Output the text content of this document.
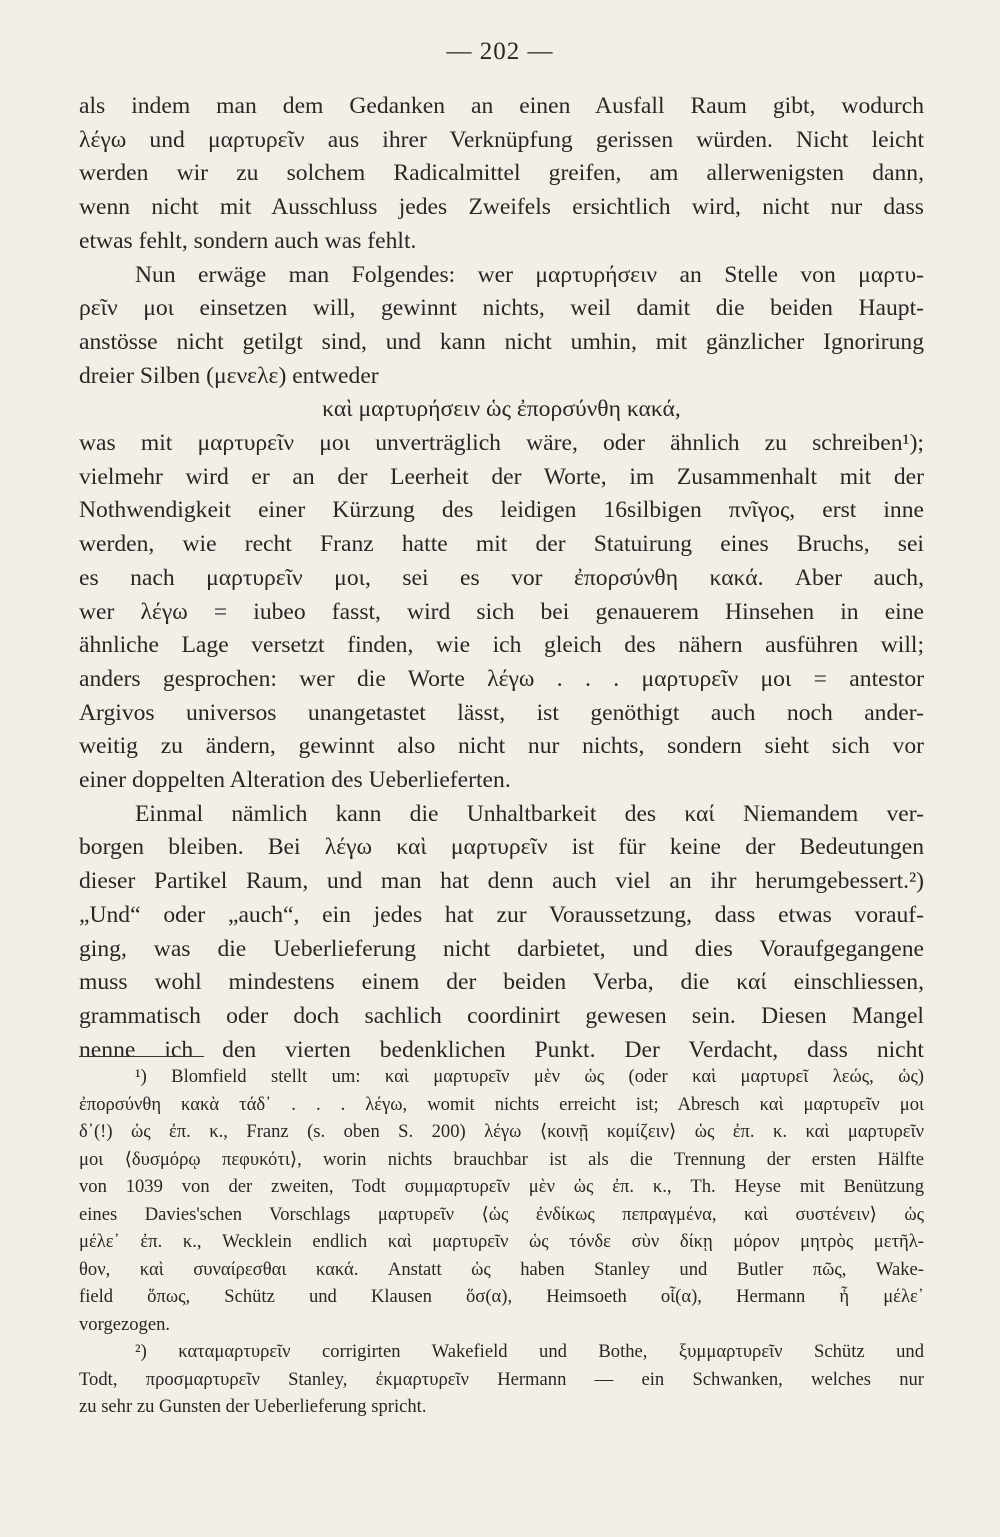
— 202 —
als indem man dem Gedanken an einen Ausfall Raum gibt, wodurch
λέγω und μαρτυρεῖν aus ihrer Verknüpfung gerissen würden. Nicht leicht
werden wir zu solchem Radicalmittel greifen, am allerwenigsten dann,
wenn nicht mit Ausschluss jedes Zweifels ersichtlich wird, nicht nur dass
etwas fehlt, sondern auch was fehlt.
Nun erwäge man Folgendes: wer μαρτυρήσειν an Stelle von μαρτυ-
ρεῖν μοι einsetzen will, gewinnt nichts, weil damit die beiden Haupt-
anstösse nicht getilgt sind, und kann nicht umhin, mit gänzlicher Ignorirung
dreier Silben (μενελε) entweder
καὶ μαρτυρήσειν ὡς ἐπορσύνθη κακά,
was mit μαρτυρεῖν μοι unverträglich wäre, oder ähnlich zu schreiben¹);
vielmehr wird er an der Leerheit der Worte, im Zusammenhalt mit der
Nothwendigkeit einer Kürzung des leidigen 16silbigen πνῖγος, erst inne
werden, wie recht Franz hatte mit der Statuirung eines Bruchs, sei
es nach μαρτυρεῖν μοι, sei es vor ἐπορσύνθη κακά. Aber auch,
wer λέγω = iubeo fasst, wird sich bei genauerem Hinsehen in eine
ähnliche Lage versetzt finden, wie ich gleich des nähern ausführen will;
anders gesprochen: wer die Worte λέγω . . . μαρτυρεῖν μοι = antestor
Argivos universos unangetastet lässt, ist genöthigt auch noch ander-
weitig zu ändern, gewinnt also nicht nur nichts, sondern sieht sich vor
einer doppelten Alteration des Ueberlieferten.
Einmal nämlich kann die Unhaltbarkeit des καί Niemandem ver-
borgen bleiben. Bei λέγω καὶ μαρτυρεῖν ist für keine der Bedeutungen
dieser Partikel Raum, und man hat denn auch viel an ihr herumgebessert.²)
„Und“ oder „auch“, ein jedes hat zur Voraussetzung, dass etwas vorauf-
ging, was die Ueberlieferung nicht darbietet, und dies Voraufgegangene
muss wohl mindestens einem der beiden Verba, die καί einschliessen,
grammatisch oder doch sachlich coordinirt gewesen sein. Diesen Mangel
nenne ich den vierten bedenklichen Punkt. Der Verdacht, dass nicht
¹) Blomfield stellt um: καὶ μαρτυρεῖν μὲν ὡς (oder καὶ μαρτυρεῖ λεώς, ὡς)
ἐπορσύνθη κακὰ τάδ᾽ . . . λέγω, womit nichts erreicht ist; Abresch καὶ μαρτυρεῖν μοι
δ᾽(!) ὡς ἐπ. κ., Franz (s. oben S. 200) λέγω ⟨κοινῇ κομίζειν⟩ ὡς ἐπ. κ. καὶ μαρτυρεῖν
μοι ⟨δυσμόρῳ πεφυκότι⟩, worin nichts brauchbar ist als die Trennung der ersten Hälfte
von 1039 von der zweiten, Todt συμμαρτυρεῖν μὲν ὡς ἐπ. κ., Th. Heyse mit Benützung
eines Davies'schen Vorschlags μαρτυρεῖν ⟨ὡς ἐνδίκως πεπραγμένα, καὶ συστένειν⟩ ὡς
μέλε᾽ ἐπ. κ., Wecklein endlich καὶ μαρτυρεῖν ὡς τόνδε σὺν δίκῃ μόρον μητρὸς μετῆλ-
θον, καὶ συναίρεσθαι κακά. Anstatt ὡς haben Stanley und Butler πῶς, Wake-
field ὅπως, Schütz und Klausen ὅσ(α), Heimsoeth οἷ(α), Hermann ἦ μέλε᾽
vorgezogen.
²) καταμαρτυρεῖν corrigirten Wakefield und Bothe, ξυμμαρτυρεῖν Schütz und
Todt, προσμαρτυρεῖν Stanley, ἐκμαρτυρεῖν Hermann — ein Schwanken, welches nur
zu sehr zu Gunsten der Ueberlieferung spricht.
